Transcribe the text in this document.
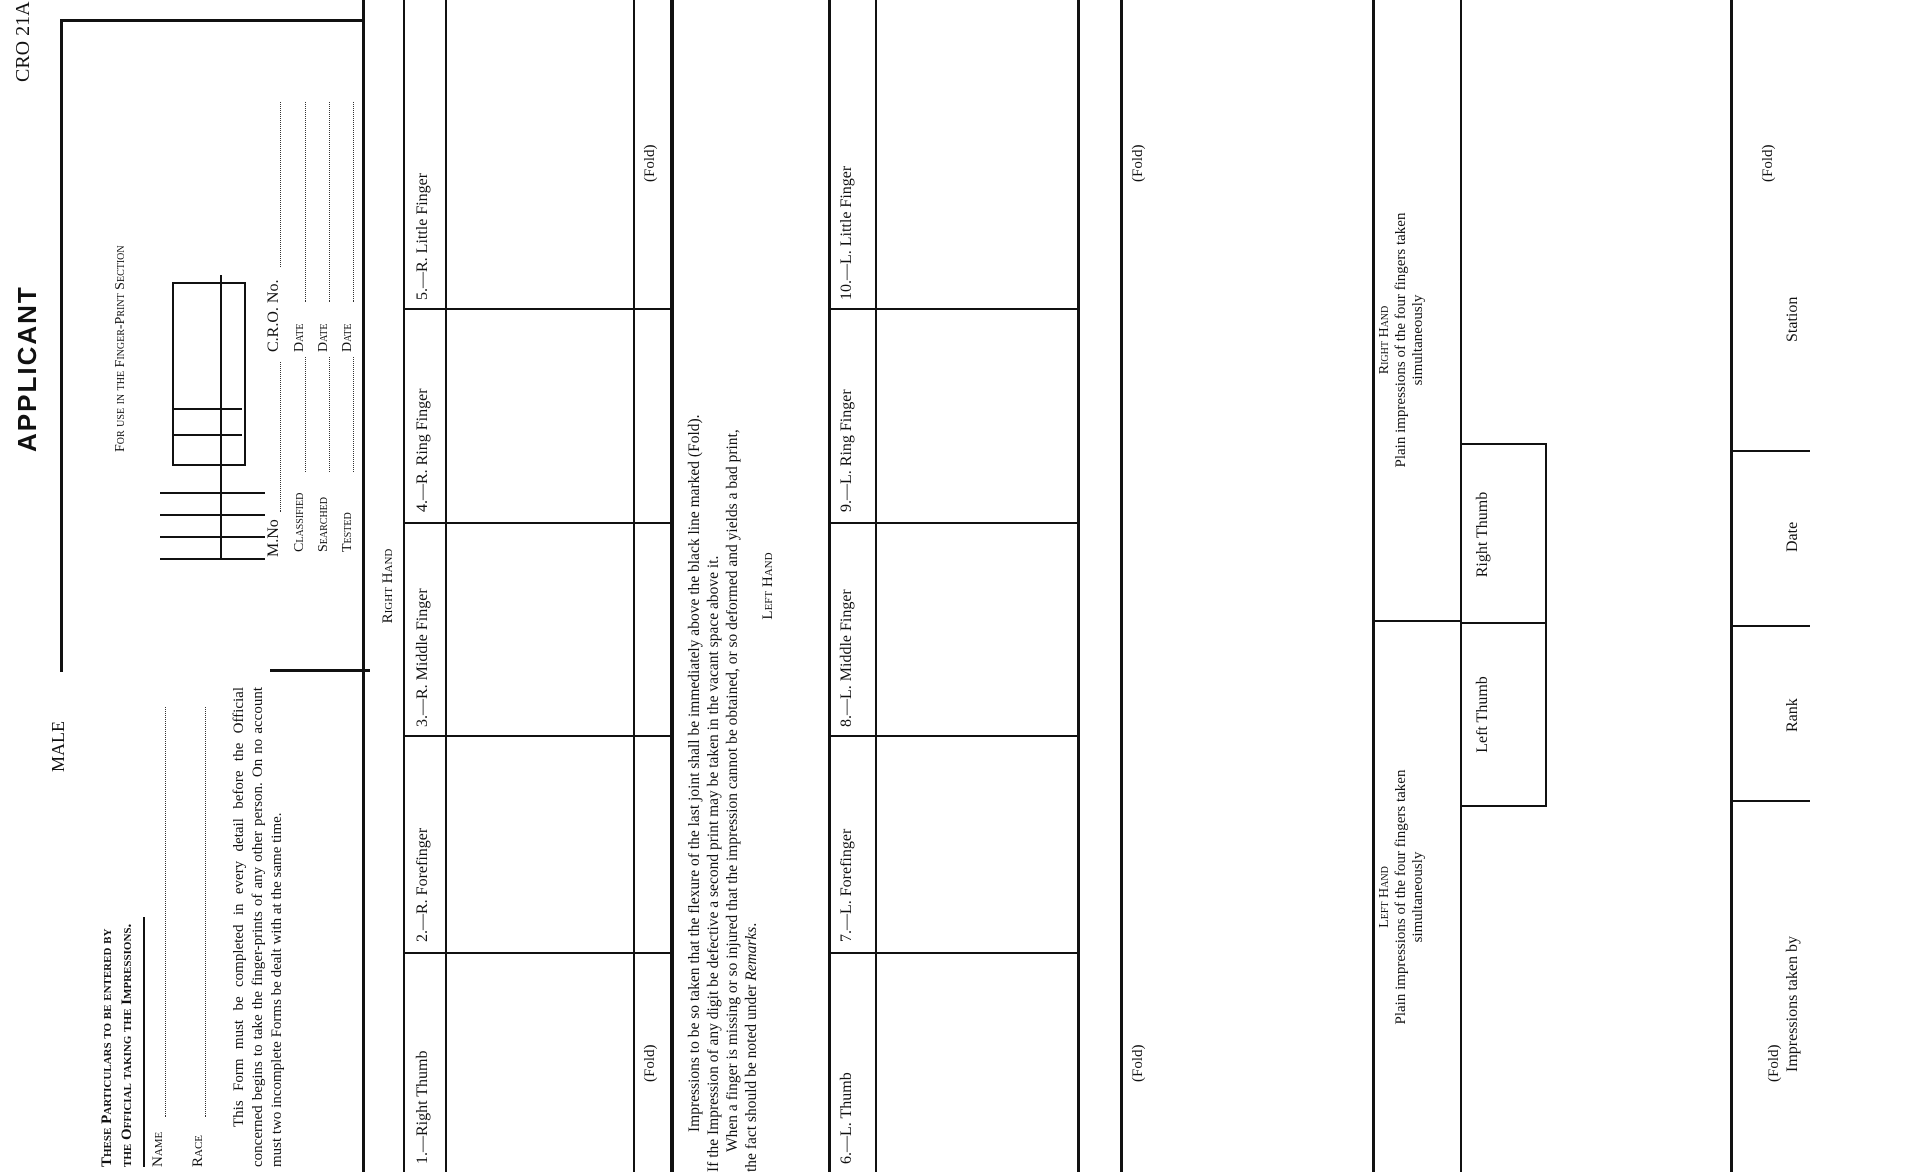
CRO 21A
APPLICANT
MALE
These Particulars to be entered by the Official taking the Impressions. Name Race
This Form must be completed in every detail before the Official concerned begins to take the finger-prints of any other person. On no account must two incomplete Forms be dealt with at the same time.
For use in the Finger-Print Section
M.No
C.R.O. No.
Classified
Date
Searched
Date
Tested
Date
Right Hand
1.—Right Thumb
2.—R. Forefinger
3.—R. Middle Finger
4.—R. Ring Finger
5.—R. Little Finger
(Fold)
(Fold)
Impressions to be so taken that the flexure of the last joint shall be immediately above the black line marked (Fold). If the Impression of any digit be defective a second print may be taken in the vacant space above it. When a finger is missing or so injured that the impression cannot be obtained, or so deformed and yields a bad print, the fact should be noted under Remarks.
Left Hand
6.—L. Thumb
7.—L. Forefinger
8.—L. Middle Finger
9.—L. Ring Finger
10.—L. Little Finger
(Fold)
(Fold)
Left Hand Plain impressions of the four fingers taken simultaneously
Right Hand Plain impressions of the four fingers taken simultaneously
Left Thumb
Right Thumb
(Fold) Impressions taken by
Rank
Date
Station
(Fold)
